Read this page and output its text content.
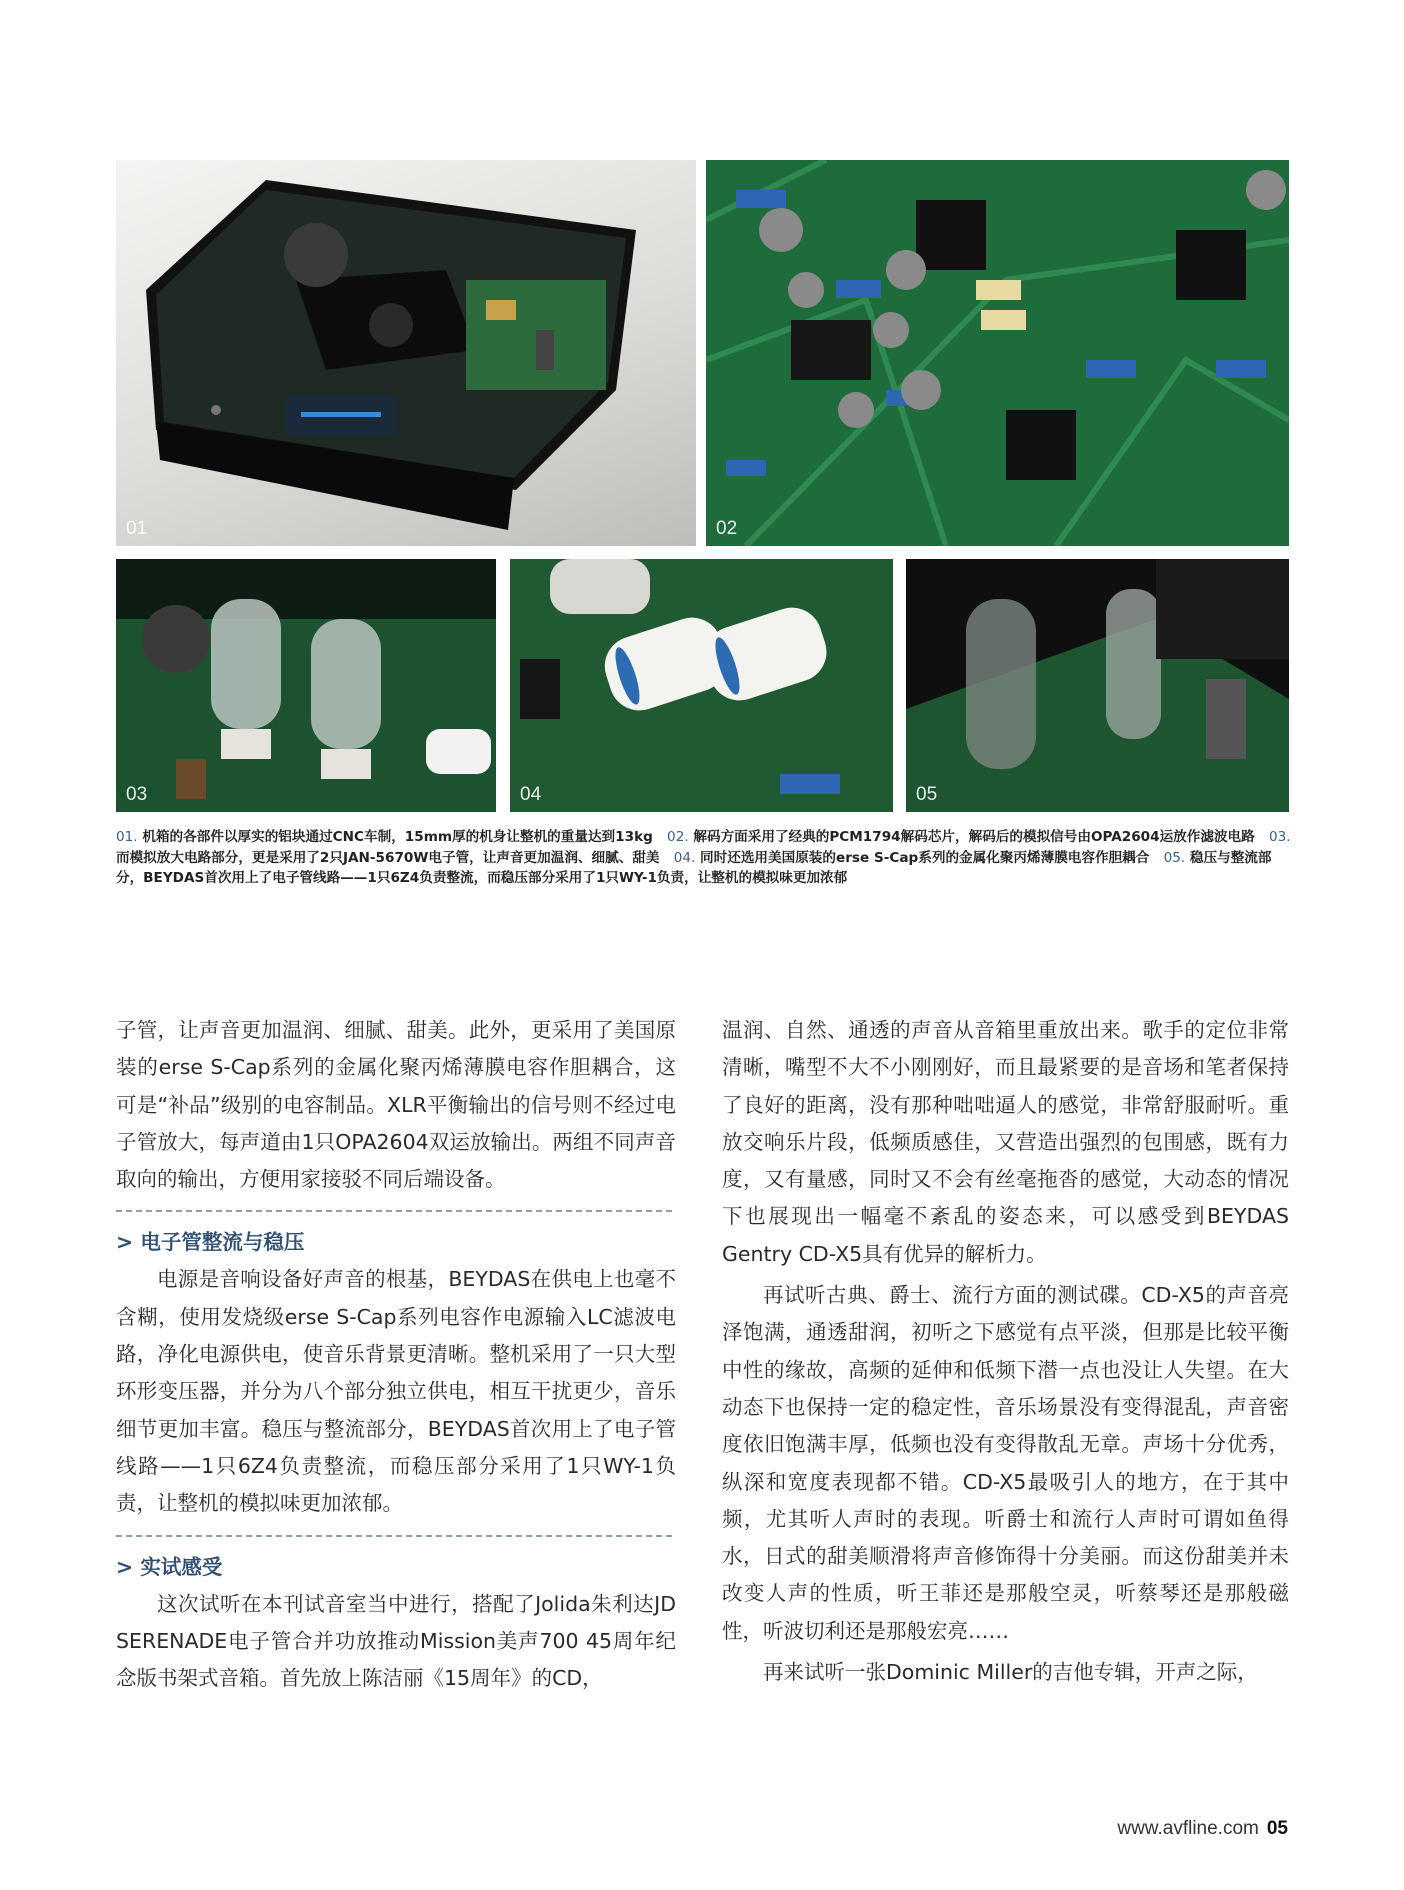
01	02
03	04	05
01. 机箱的各部件以厚实的铝块通过CNC车制，15mm厚的机身让整机的重量达到13kg 02. 解码方面采用了经典的PCM1794解码芯片，解码后的模拟信号由OPA2604运放作滤波电路 03. 而模拟放大电路部分，更是采用了2只JAN-5670W电子管，让声音更加温润、细腻、甜美 04. 同时还选用美国原装的erse S-Cap系列的金属化聚丙烯薄膜电容作胆耦合 05. 稳压与整流部分，BEYDAS首次用上了电子管线路——1只6Z4负责整流，而稳压部分采用了1只WY-1负责，让整机的模拟味更加浓郁

子管，让声音更加温润、细腻、甜美。此外，更采用了美国原装的erse S-Cap系列的金属化聚丙烯薄膜电容作胆耦合，这可是“补品”级别的电容制品。XLR平衡输出的信号则不经过电子管放大，每声道由1只OPA2604双运放输出。两组不同声音取向的输出，方便用家接驳不同后端设备。

> 电子管整流与稳压

电源是音响设备好声音的根基，BEYDAS在供电上也毫不含糊，使用发烧级erse S-Cap系列电容作电源输入LC滤波电路，净化电源供电，使音乐背景更清晰。整机采用了一只大型环形变压器，并分为八个部分独立供电，相互干扰更少，音乐细节更加丰富。稳压与整流部分，BEYDAS首次用上了电子管线路——1只6Z4负责整流，而稳压部分采用了1只WY-1负责，让整机的模拟味更加浓郁。

> 实试感受

这次试听在本刊试音室当中进行，搭配了Jolida朱利达JD SERENADE电子管合并功放推动Mission美声700 45周年纪念版书架式音箱。首先放上陈洁丽《15周年》的CD，

温润、自然、通透的声音从音箱里重放出来。歌手的定位非常清晰，嘴型不大不小刚刚好，而且最紧要的是音场和笔者保持了良好的距离，没有那种咄咄逼人的感觉，非常舒服耐听。重放交响乐片段，低频质感佳，又营造出强烈的包围感，既有力度，又有量感，同时又不会有丝毫拖沓的感觉，大动态的情况下也展现出一幅毫不紊乱的姿态来，可以感受到BEYDAS Gentry CD-X5具有优异的解析力。

再试听古典、爵士、流行方面的测试碟。CD-X5的声音亮泽饱满，通透甜润，初听之下感觉有点平淡，但那是比较平衡中性的缘故，高频的延伸和低频下潜一点也没让人失望。在大动态下也保持一定的稳定性，音乐场景没有变得混乱，声音密度依旧饱满丰厚，低频也没有变得散乱无章。声场十分优秀，纵深和宽度表现都不错。CD-X5最吸引人的地方，在于其中频，尤其听人声时的表现。听爵士和流行人声时可谓如鱼得水，日式的甜美顺滑将声音修饰得十分美丽。而这份甜美并未改变人声的性质，听王菲还是那般空灵，听蔡琴还是那般磁性，听波切利还是那般宏亮……

再来试听一张Dominic Miller的吉他专辑，开声之际，

www.avfline.com 05
